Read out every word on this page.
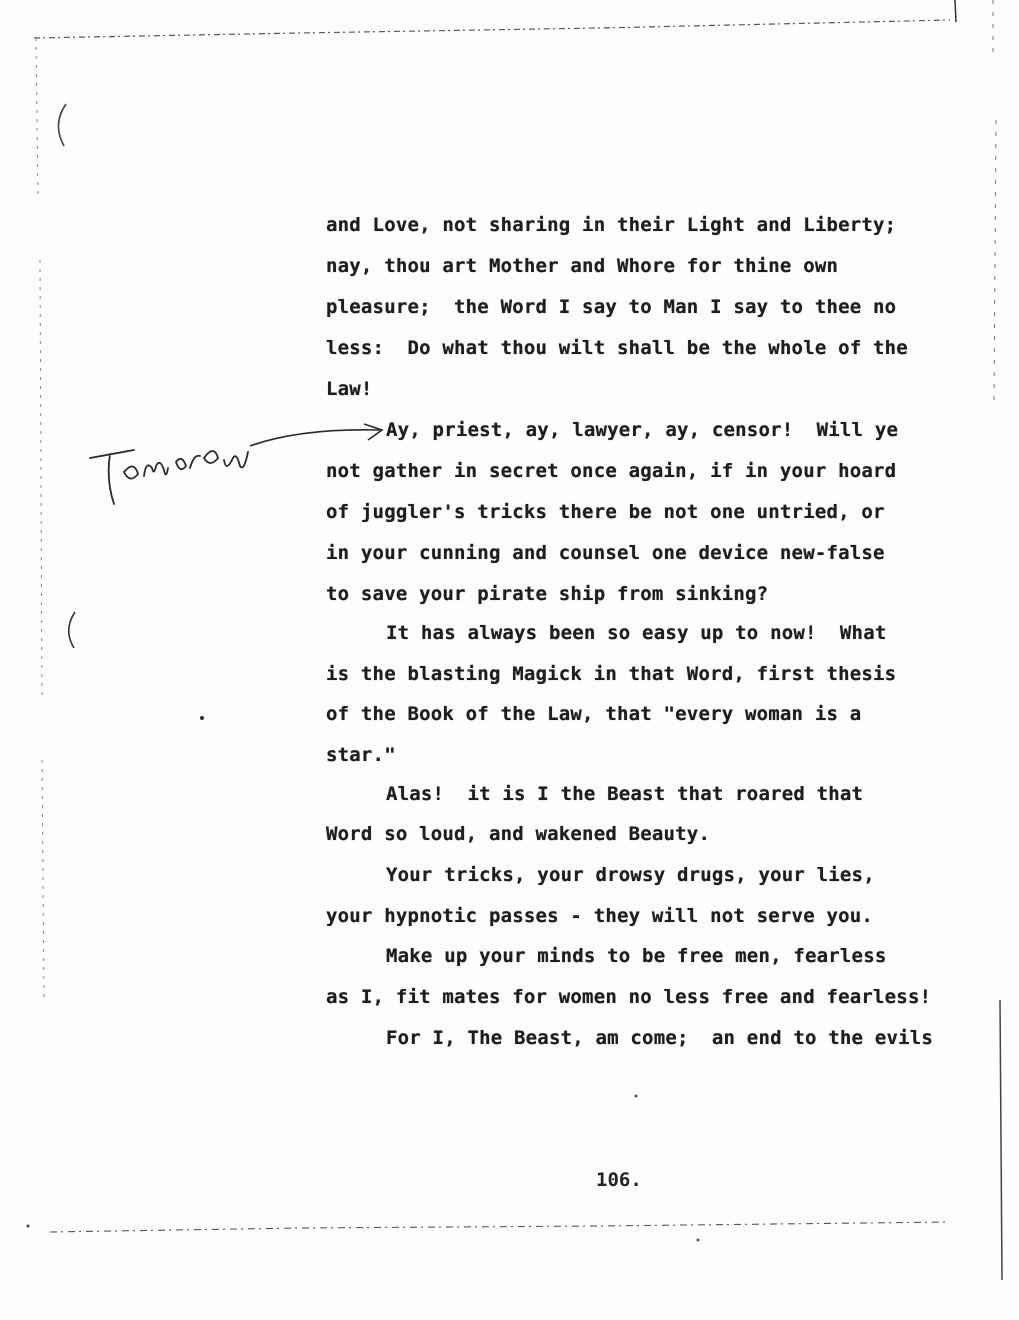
and Love, not sharing in their Light and Liberty;
nay, thou art Mother and Whore for thine own
pleasure;  the Word I say to Man I say to thee no
less:  Do what thou wilt shall be the whole of the
Law!
Ay, priest, ay, lawyer, ay, censor!  Will ye
not gather in secret once again, if in your hoard
of juggler's tricks there be not one untried, or
in your cunning and counsel one device new-false
to save your pirate ship from sinking?
It has always been so easy up to now!  What
is the blasting Magick in that Word, first thesis
of the Book of the Law, that "every woman is a
star."
Alas!  it is I the Beast that roared that
Word so loud, and wakened Beauty.
Your tricks, your drowsy drugs, your lies,
your hypnotic passes - they will not serve you.
Make up your minds to be free men, fearless
as I, fit mates for women no less free and fearless!
For I, The Beast, am come;  an end to the evils
106.
